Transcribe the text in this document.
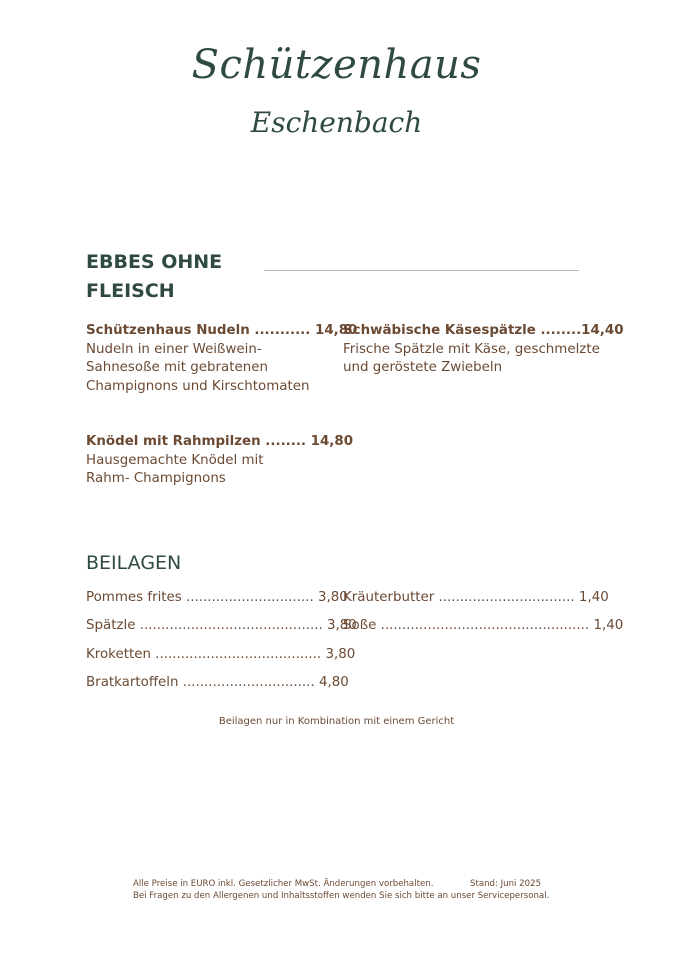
Schützenhaus
Eschenbach
EBBES OHNE
FLEISCH
Schützenhaus Nudeln ........... 14,80
Nudeln in einer Weißwein-
Sahnesoße mit gebratenen
Champignons und Kirschtomaten
Schwäbische Käsespätzle ........14,40
Frische Spätzle mit Käse, geschmelzte
und geröstete Zwiebeln
Knödel mit Rahmpilzen ........ 14,80
Hausgemachte Knödel mit
Rahm- Champignons
BEILAGEN
Pommes frites .............................. 3,80
Spätzle ........................................... 3,80
Kroketten ....................................... 3,80
Bratkartoffeln ............................... 4,80
Kräuterbutter ................................ 1,40
Soße ................................................. 1,40
Beilagen nur in Kombination mit einem Gericht
Alle Preise in EURO inkl. Gesetzlicher MwSt. Änderungen vorbehalten.	Stand: Juni 2025
Bei Fragen zu den Allergenen und Inhaltsstoffen wenden Sie sich bitte an unser Servicepersonal.
